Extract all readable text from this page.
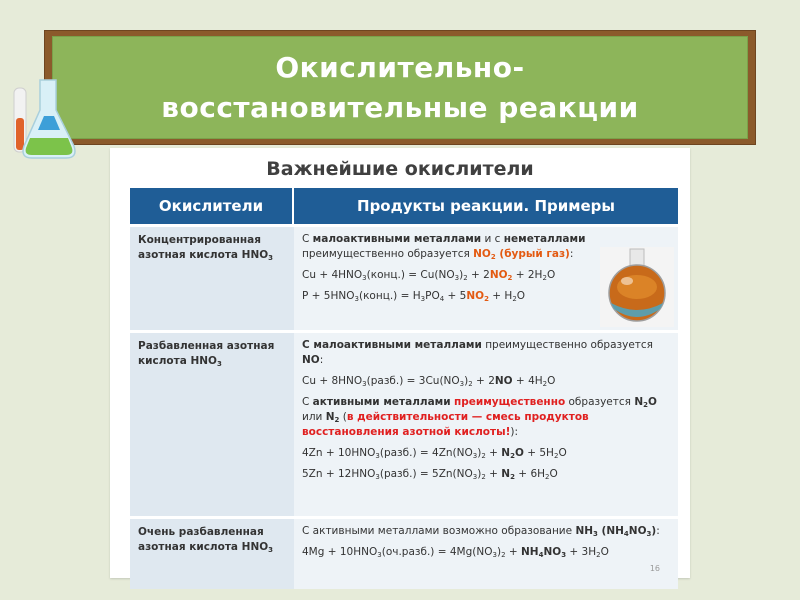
Окислительно-восстановительные реакции
Важнейшие окислители
Окислители	Продукты реакции. Примеры
Концентрированная азотная кислота $HNO_3$
С малоактивными металлами и с неметаллами преимущественно образуется $NO_2$ (бурый газ):
$Cu + 4HNO_3(конц.) = Cu(NO_3)_2 + 2NO_2 + 2H_2O$
$P + 5HNO_3(конц.) = H_3PO_4 + 5NO_2 + H_2O$
Разбавленная азотная кислота $HNO_3$
С малоактивными металлами преимущественно образуется NO:
$Cu + 8HNO_3(разб.) = 3Cu(NO_3)_2 + 2NO + 4H_2O$
С активными металлами преимущественно образуется $N_2O$ или $N_2$ (в действительности — смесь продуктов восстановления азотной кислоты!):
$4Zn + 10HNO_3(разб.) = 4Zn(NO_3)_2 + N_2O + 5H_2O$
$5Zn + 12HNO_3(разб.) = 5Zn(NO_3)_2 + N_2 + 6H_2O$
Очень разбавленная азотная кислота $HNO_3$
С активными металлами возможно образование $NH_3$ $(NH_4NO_3)$:
$4Mg + 10HNO_3(оч.разб.) = 4Mg(NO_3)_2 + NH_4NO_3 + 3H_2O$
16
